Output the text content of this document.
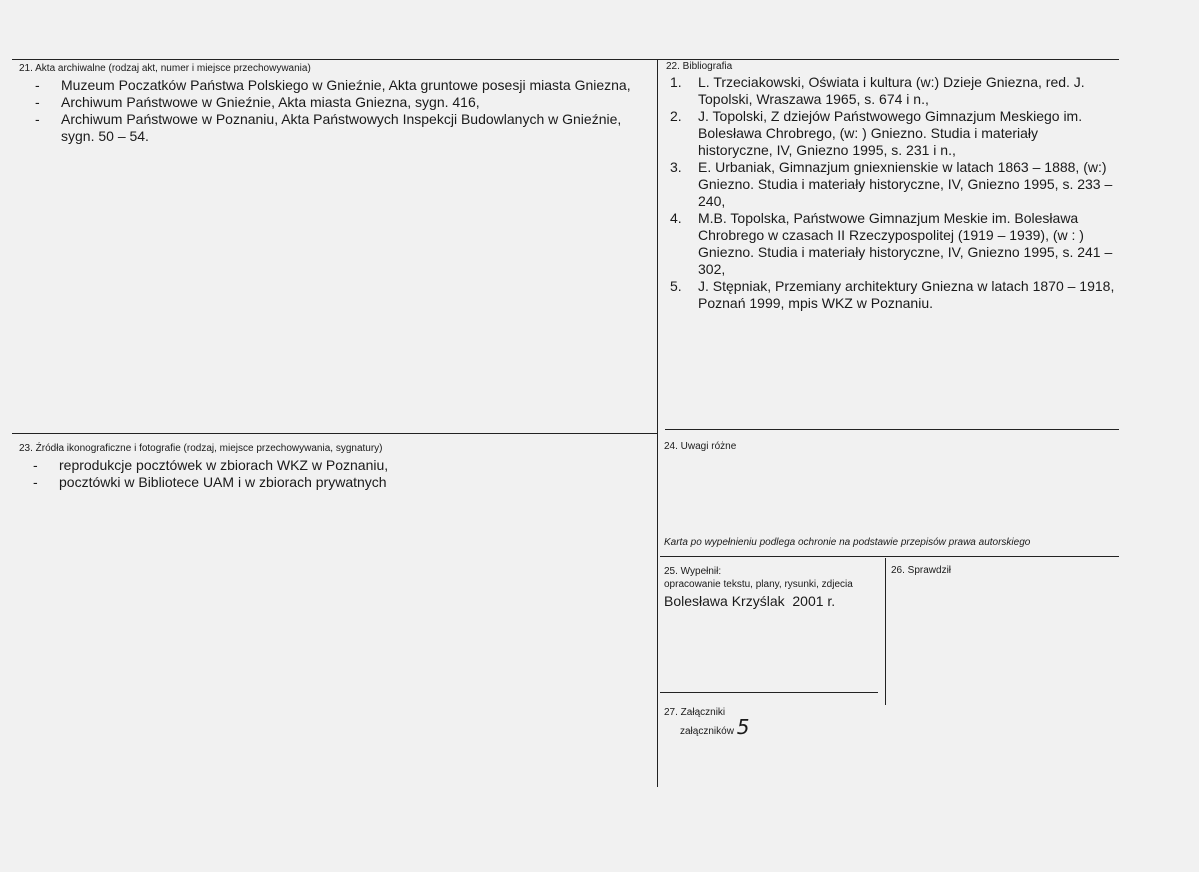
21. Akta archiwalne (rodzaj akt, numer i miejsce przechowywania)
- Muzeum Poczatków Państwa Polskiego w Gnieźnie, Akta gruntowe posesji miasta Gniezna,
- Archiwum Państwowe w Gnieźnie, Akta miasta Gniezna, sygn. 416,
- Archiwum Państwowe w Poznaniu, Akta Państwowych Inspekcji Budowlanych w Gnieźnie, sygn. 50 – 54.
22. Bibliografia
1. L. Trzeciakowski, Oświata i kultura (w:) Dzieje Gniezna, red. J. Topolski, Wraszawa 1965, s. 674 i n.,
2. J. Topolski, Z dziejów Państwowego Gimnazjum Meskiego im. Bolesława Chrobrego, (w: ) Gniezno. Studia i materiały historyczne, IV, Gniezno 1995, s. 231 i n.,
3. E. Urbaniak, Gimnazjum gniexnienskie w latach 1863 – 1888, (w:) Gniezno. Studia i materiały historyczne, IV, Gniezno 1995, s. 233 – 240,
4. M.B. Topolska, Państwowe Gimnazjum Meskie im. Bolesława Chrobrego w czasach II Rzeczypospolitej (1919 – 1939), (w : ) Gniezno. Studia i materiały historyczne, IV, Gniezno 1995, s. 241 – 302,
5. J. Stępniak, Przemiany architektury Gniezna w latach 1870 – 1918, Poznań 1999, mpis WKZ w Poznaniu.
23. Źródła ikonograficzne i fotografie (rodzaj, miejsce przechowywania, sygnatury)
- reprodukcje pocztówek w zbiorach WKZ w Poznaniu,
- pocztówki w Bibliotece UAM i w zbiorach prywatnych
24. Uwagi różne
Karta po wypełnieniu podlega ochronie na podstawie przepisów prawa autorskiego
25. Wypełnił:
opracowanie tekstu, plany, rysunki, zdjecia
Bolesława Krzyślak  2001 r.
26. Sprawdził
27. Załączniki
załączników 5
